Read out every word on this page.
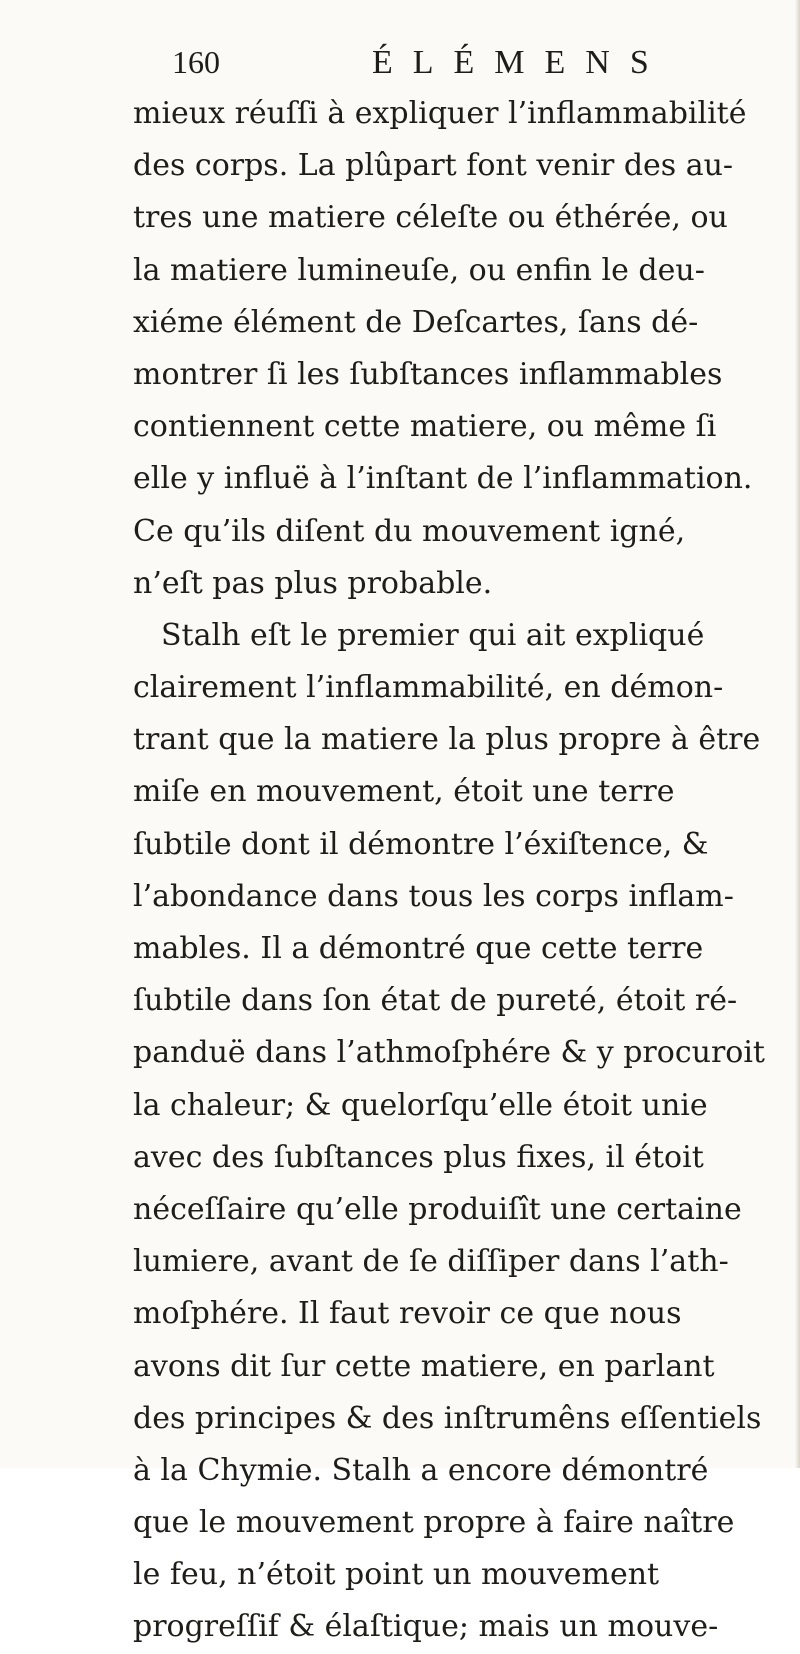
160	ÉLÉMENS
mieux réuſſi à expliquer l’inflammabilité
des corps. La plûpart font venir des au-
tres une matiere céleſte ou éthérée, ou
la matiere lumineuſe, ou enfin le deu-
xiéme élément de Deſcartes, ſans dé-
montrer ſi les ſubſtances inflammables
contiennent cette matiere, ou même ſi
elle y influë à l’inſtant de l’inflammation.
Ce qu’ils diſent du mouvement igné,
n’eſt pas plus probable.
Stalh eſt le premier qui ait expliqué
clairement l’inflammabilité, en démon-
trant que la matiere la plus propre à être
miſe en mouvement, étoit une terre
ſubtile dont il démontre l’éxiſtence, &
l’abondance dans tous les corps inflam-
mables. Il a démontré que cette terre
ſubtile dans ſon état de pureté, étoit ré-
panduë dans l’athmoſphére & y procuroit
la chaleur; & quelorſqu’elle étoit unie
avec des ſubſtances plus fixes, il étoit
néceſſaire qu’elle produiſît une certaine
lumiere, avant de ſe diſſiper dans l’ath-
moſphére. Il faut revoir ce que nous
avons dit ſur cette matiere, en parlant
des principes & des inſtrumêns eſſentiels
à la Chymie. Stalh a encore démontré
que le mouvement propre à faire naître
le feu, n’étoit point un mouvement
progreſſif & élaſtique; mais un mouve-
